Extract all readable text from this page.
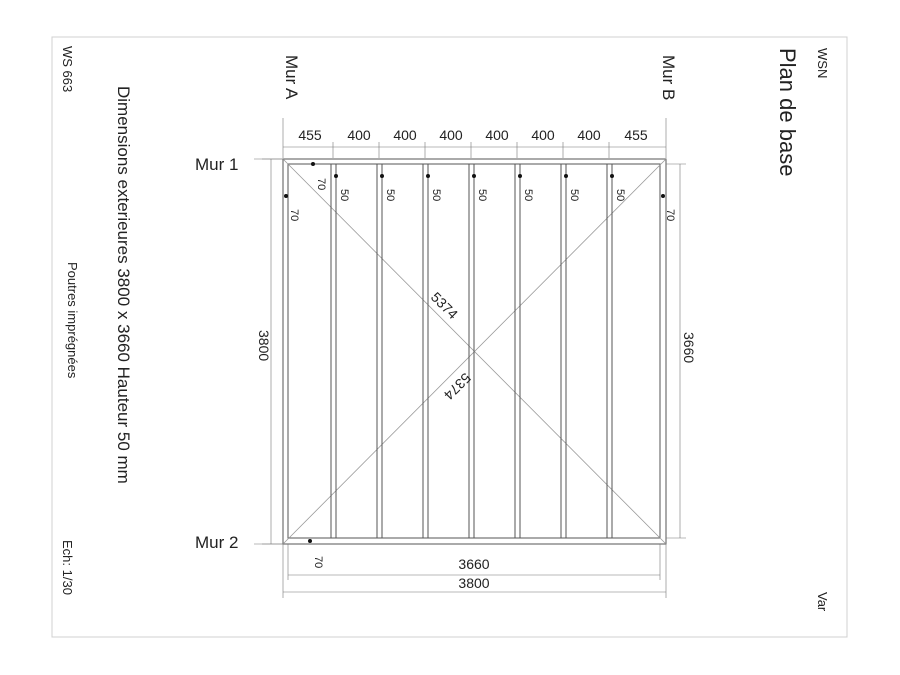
455 400 400 400 400 400 400 455
Mur A	Mur B
Mur 1
Mur 2
50	50	50	50	50	50	50
70
70	70
70
5374
5374
3800	3660
3660
3800
WSN
Plan de base
Var
WS 663
Dimensions exterieures 3800 x 3660 Hauteur 50 mm
Poutres imprégnées
Ech: 1/30
